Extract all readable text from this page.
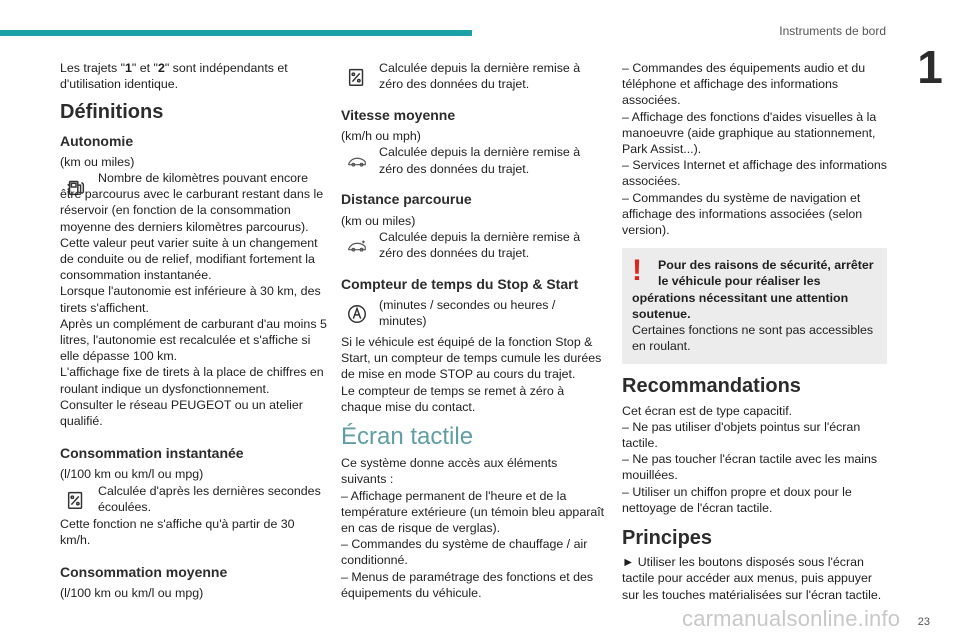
Instruments de bord
1

Les trajets "1" et "2" sont indépendants et d'utilisation identique.

Définitions
Autonomie

(km ou miles)

Nombre de kilomètres pouvant encore être parcourus avec le carburant restant dans le réservoir (en fonction de la consommation moyenne des derniers kilomètres parcourus).

Cette valeur peut varier suite à un changement de conduite ou de relief, modifiant fortement la consommation instantanée.

Lorsque l'autonomie est inférieure à 30 km, des tirets s'affichent.

Après un complément de carburant d'au moins 5 litres, l'autonomie est recalculée et s'affiche si elle dépasse 100 km.

L'affichage fixe de tirets à la place de chiffres en roulant indique un dysfonctionnement.

Consulter le réseau PEUGEOT ou un atelier qualifié.

Consommation instantanée

(l/100 km ou km/l ou mpg)

Calculée d'après les dernières secondes écoulées.

Cette fonction ne s'affiche qu'à partir de 30 km/h.

Consommation moyenne

(l/100 km ou km/l ou mpg)

Calculée depuis la dernière remise à zéro des données du trajet.

Vitesse moyenne

(km/h ou mph)

Calculée depuis la dernière remise à zéro des données du trajet.

Distance parcourue

(km ou miles)

Calculée depuis la dernière remise à zéro des données du trajet.

Compteur de temps du Stop & Start

(minutes / secondes ou heures / minutes)

Si le véhicule est équipé de la fonction Stop & Start, un compteur de temps cumule les durées de mise en mode STOP au cours du trajet.

Le compteur de temps se remet à zéro à chaque mise du contact.

Écran tactile

Ce système donne accès aux éléments suivants :

– Affichage permanent de l'heure et de la température extérieure (un témoin bleu apparaît en cas de risque de verglas).

– Commandes du système de chauffage / air conditionné.

– Menus de paramétrage des fonctions et des équipements du véhicule.

– Commandes des équipements audio et du téléphone et affichage des informations associées.

– Affichage des fonctions d'aides visuelles à la manoeuvre (aide graphique au stationnement, Park Assist...).

– Services Internet et affichage des informations associées.

– Commandes du système de navigation et affichage des informations associées (selon version).

!	Pour des raisons de sécurité, arrêter le véhicule pour réaliser les

opérations nécessitant une attention soutenue.

Certaines fonctions ne sont pas accessibles en roulant.

Recommandations

Cet écran est de type capacitif.

– Ne pas utiliser d'objets pointus sur l'écran tactile.

– Ne pas toucher l'écran tactile avec les mains mouillées.

– Utiliser un chiffon propre et doux pour le nettoyage de l'écran tactile.

Principes

► Utiliser les boutons disposés sous l'écran tactile pour accéder aux menus, puis appuyer sur les touches matérialisées sur l'écran tactile.

carmanualsonline.info 23
